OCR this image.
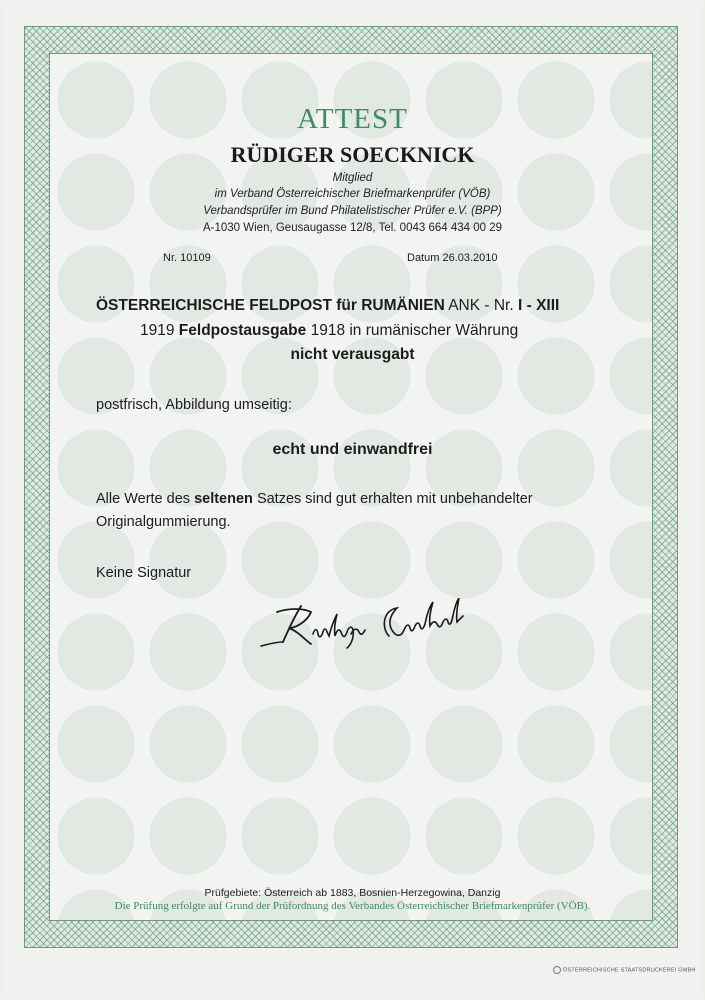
ATTEST
RÜDIGER SOECKNICK
Mitglied
im Verband Österreichischer Briefmarkenprüfer (VÖB)
Verbandsprüfer im Bund Philatelistischer Prüfer e.V. (BPP)
A-1030 Wien, Geusaugasse 12/8, Tel. 0043 664 434 00 29
Nr. 10109	Datum 26.03.2010
ÖSTERREICHISCHE FELDPOST für RUMÄNIEN ANK - Nr. I - XIII
1919 Feldpostausgabe 1918 in rumänischer Währung
nicht verausgabt
postfrisch, Abbildung umseitig:
echt und einwandfrei
Alle Werte des seltenen Satzes sind gut erhalten mit unbehandelter
Originalgummierung.
Keine Signatur
Prüfgebiete: Österreich ab 1883, Bosnien-Herzegowina, Danzig
Die Prüfung erfolgte auf Grund der Prüfordnung des Verbandes Österreichischer Briefmarkenprüfer (VÖB).
ÖSTERREICHISCHE STAATSDRUCKEREI GMBH
